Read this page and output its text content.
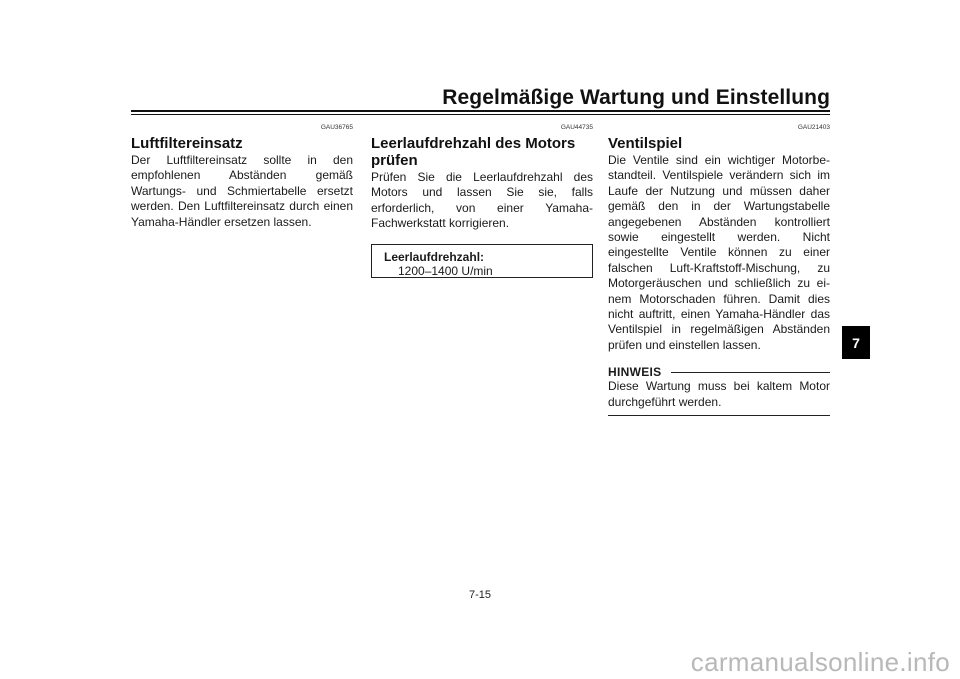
Regelmäßige Wartung und Einstellung
GAU36765
Luftfiltereinsatz

Der Luftfiltereinsatz sollte in den empfohlenen Abständen gemäß Wartungs- und Schmiertabelle ersetzt werden. Den Luftfiltereinsatz durch einen Yamaha-Händler ersetzen lassen.

GAU44735
Leerlaufdrehzahl des Motors prüfen

Prüfen Sie die Leerlaufdrehzahl des Motors und lassen Sie sie, falls erforderlich, von einer Yamaha-Fachwerkstatt korrigieren.

Leerlaufdrehzahl:
1200–1400 U/min
GAU21403
Ventilspiel

Die Ventile sind ein wichtiger Motorbestandteil. Ventilspiele verändern sich im Laufe der Nutzung und müssen daher gemäß den in der Wartungstabelle angegebenen Abständen kontrolliert sowie eingestellt werden. Nicht eingestellte Ventile können zu einer falschen Luft-Kraftstoff-Mischung, zu Motorgeräuschen und schließlich zu einem Motorschaden führen. Damit dies nicht auftritt, einen Yamaha-Händler das Ventilspiel in regelmäßigen Abständen prüfen und einstellen lassen.

HINWEIS

Diese Wartung muss bei kaltem Motor durchgeführt werden.

7
7-15
carmanualsonline.info
